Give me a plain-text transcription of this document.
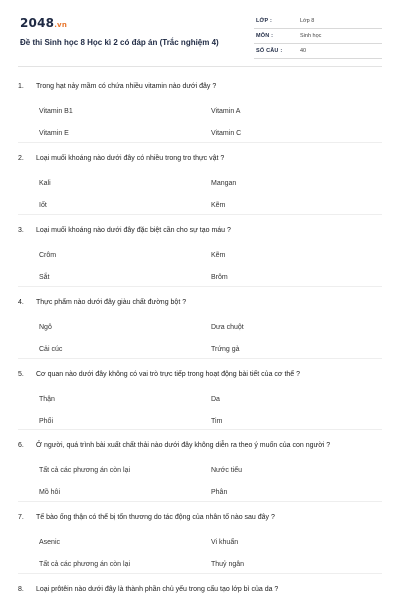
2048.vn
Đề thi Sinh học 8 Học kì 2 có đáp án (Trắc nghiệm 4)
LỚP :	Lớp 8
MÔN :	Sinh học
SỐ CÂU :	40
1.	Trong hạt nảy mầm có chứa nhiều vitamin nào dưới đây ?
Vitamin B1	Vitamin A
Vitamin E	Vitamin C
2.	Loại muối khoáng nào dưới đây có nhiều trong tro thực vật ?
Kali	Mangan
Iốt	Kẽm
3.	Loại muối khoáng nào dưới đây đặc biệt cần cho sự tạo máu ?
Crôm	Kẽm
Sắt	Brôm
4.	Thực phẩm nào dưới đây giàu chất đường bột ?
Ngô	Dưa chuột
Cải cúc	Trứng gà
5.	Cơ quan nào dưới đây không có vai trò trực tiếp trong hoạt động bài tiết của cơ thể ?
Thận	Da
Phổi	Tim
6.	Ở người, quá trình bài xuất chất thải nào dưới đây không diễn ra theo ý muốn của con người ?
Tất cả các phương án còn lại	Nước tiểu
Mồ hôi	Phân
7.	Tế bào ống thận có thể bị tổn thương do tác động của nhân tố nào sau đây ?
Asenic	Vi khuẩn
Tất cả các phương án còn lại	Thuỷ ngân
8.	Loại prôtêin nào dưới đây là thành phần chủ yếu trong cấu tạo lớp bì của da ?
